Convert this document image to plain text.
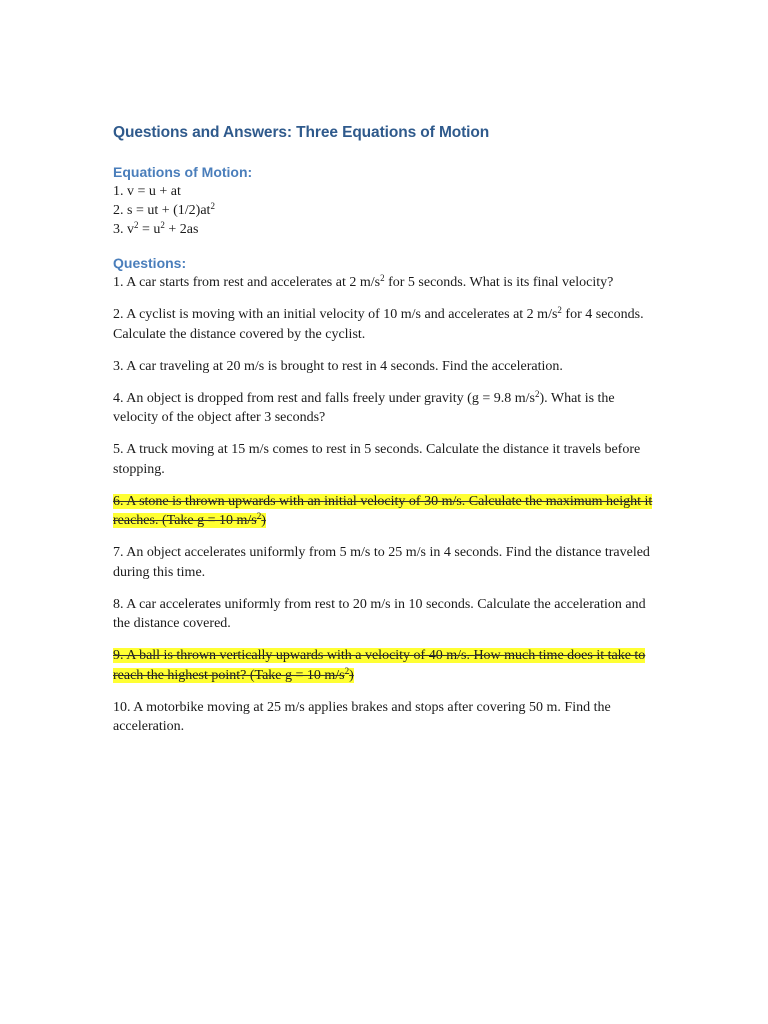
Questions and Answers: Three Equations of Motion
Equations of Motion:
1. v = u + at
2. s = ut + $(1/2)at^2$
3. $v^2 = u^2 + 2as$
Questions:

1. A car starts from rest and accelerates at 2 $m/s^2$ for 5 seconds. What is its final velocity?

2. A cyclist is moving with an initial velocity of 10 m/s and accelerates at 2 $m/s^2$ for 4 seconds. Calculate the distance covered by the cyclist.

3. A car traveling at 20 m/s is brought to rest in 4 seconds. Find the acceleration.

4. An object is dropped from rest and falls freely under gravity (g = 9.8 $m/s^2$). What is the velocity of the object after 3 seconds?

5. A truck moving at 15 m/s comes to rest in 5 seconds. Calculate the distance it travels before stopping.

6. A stone is thrown upwards with an initial velocity of 30 m/s. Calculate the maximum height it reaches. (Take g = 10 $m/s^2$)

7. An object accelerates uniformly from 5 m/s to 25 m/s in 4 seconds. Find the distance traveled during this time.

8. A car accelerates uniformly from rest to 20 m/s in 10 seconds. Calculate the acceleration and the distance covered.

9. A ball is thrown vertically upwards with a velocity of 40 m/s. How much time does it take to reach the highest point? (Take g = 10 $m/s^2$)

10. A motorbike moving at 25 m/s applies brakes and stops after covering 50 m. Find the acceleration.
